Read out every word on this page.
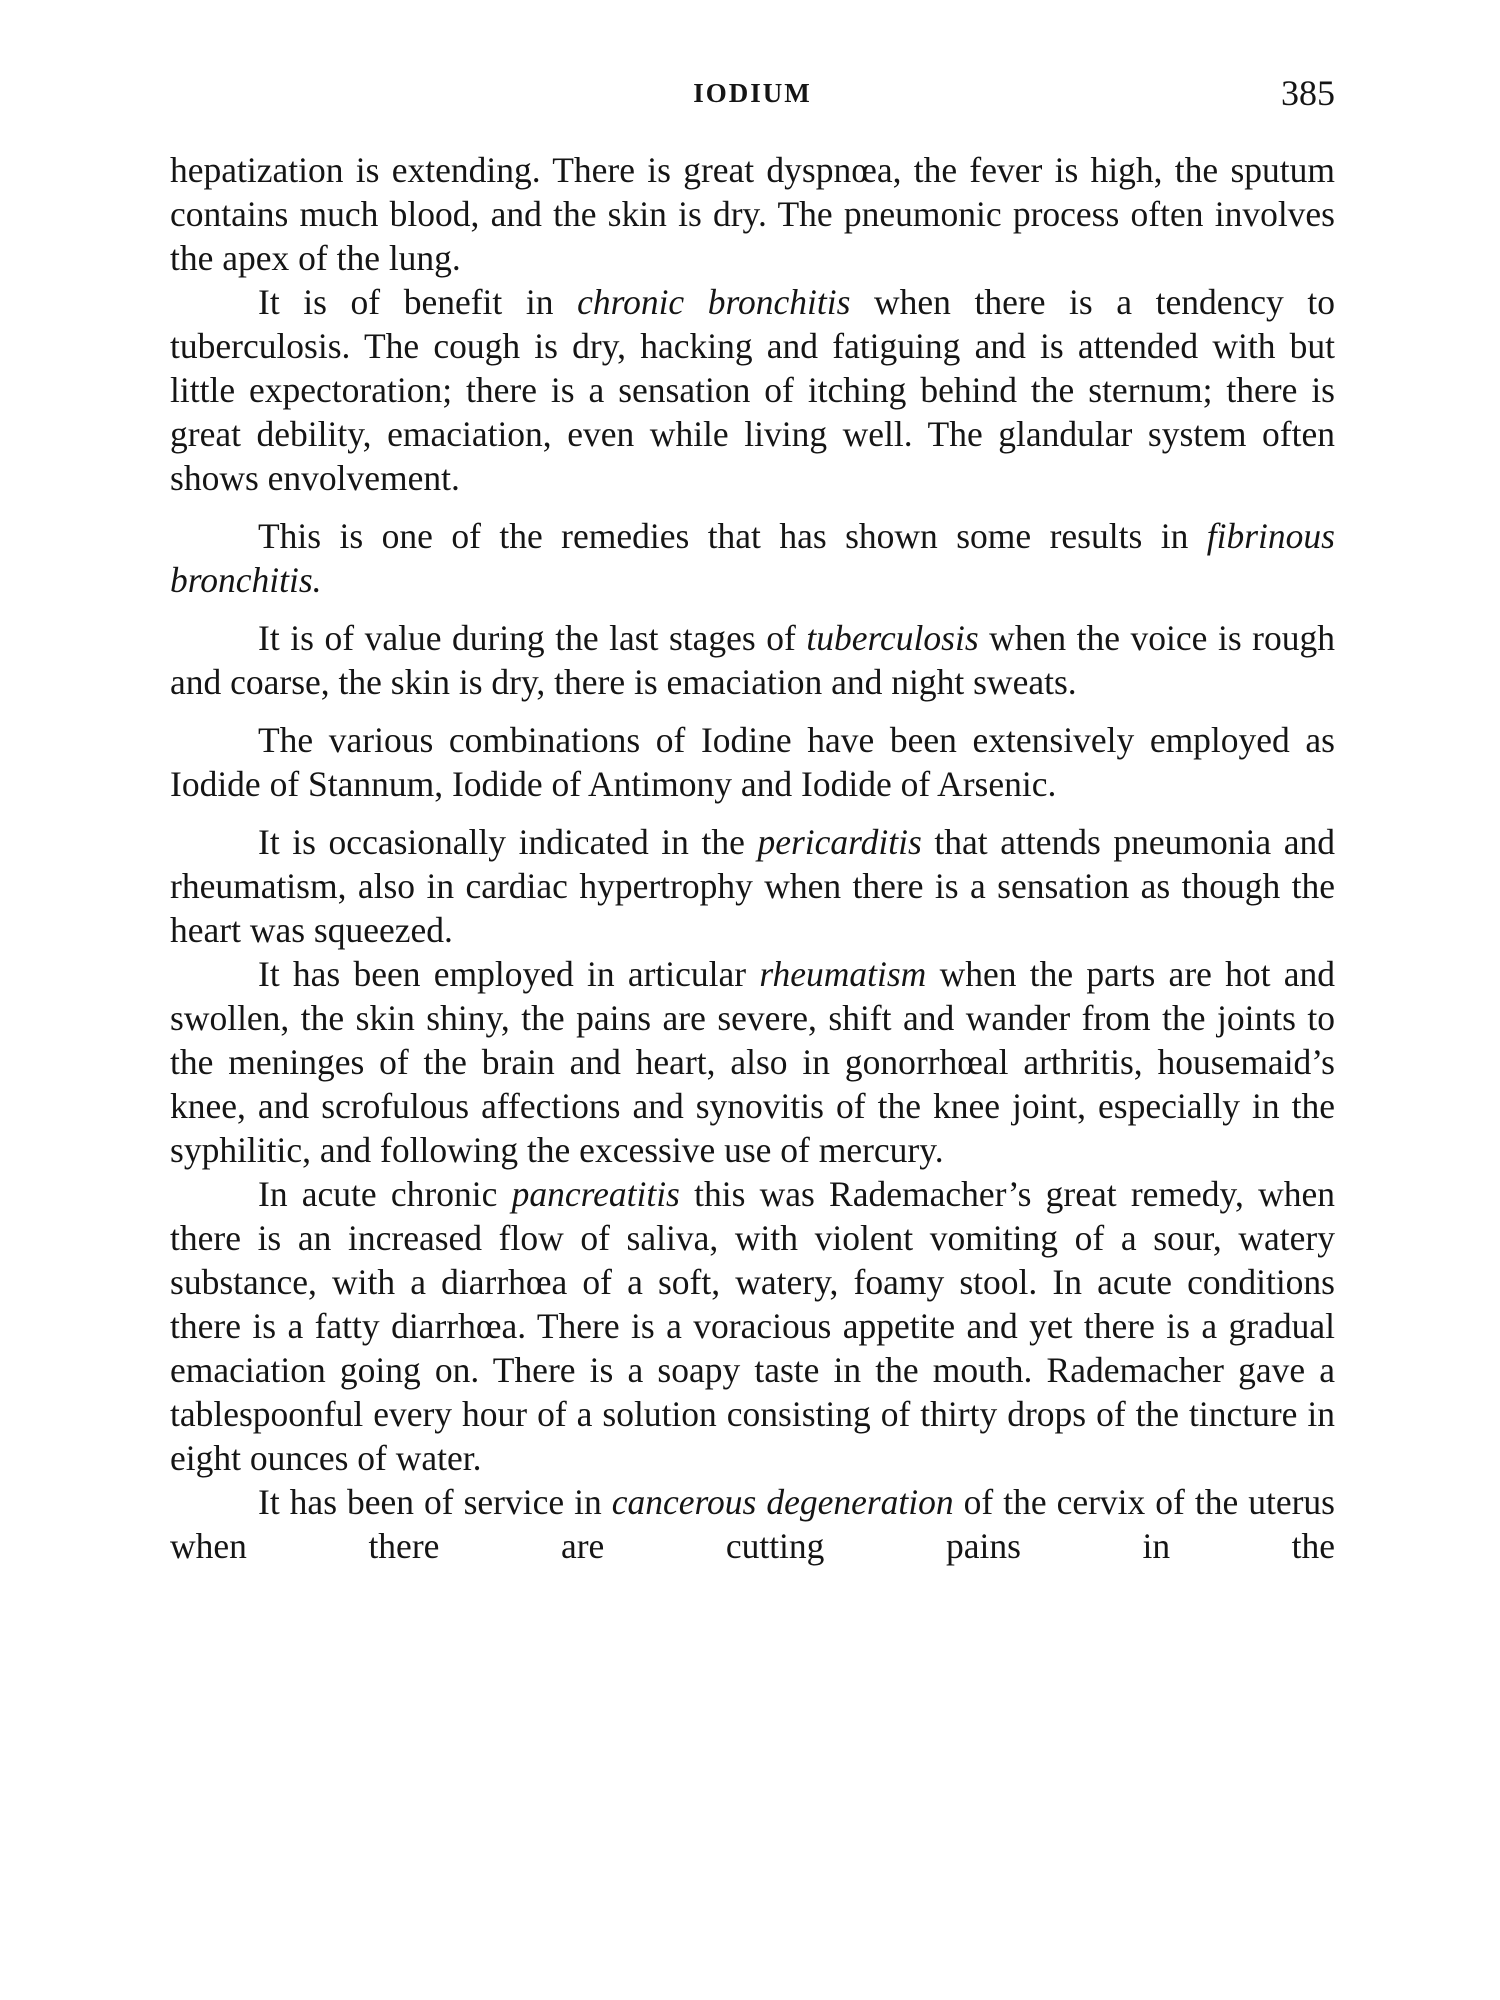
IODIUM	385

hepatization is extending. There is great dyspnœa, the fever is high, the sputum contains much blood, and the skin is dry. The pneumonic process often involves the apex of the lung.

It is of benefit in chronic bronchitis when there is a tendency to tuberculosis. The cough is dry, hacking and fatiguing and is attended with but little expectoration; there is a sensation of itching behind the sternum; there is great debility, emaciation, even while living well. The glandular system often shows envolvement.

This is one of the remedies that has shown some results in fibrinous bronchitis.

It is of value during the last stages of tuberculosis when the voice is rough and coarse, the skin is dry, there is emaciation and night sweats.

The various combinations of Iodine have been extensively employed as Iodide of Stannum, Iodide of Antimony and Iodide of Arsenic.

It is occasionally indicated in the pericarditis that attends pneumonia and rheumatism, also in cardiac hypertrophy when there is a sensation as though the heart was squeezed.

It has been employed in articular rheumatism when the parts are hot and swollen, the skin shiny, the pains are severe, shift and wander from the joints to the meninges of the brain and heart, also in gonorrhœal arthritis, housemaid’s knee, and scrofulous affections and synovitis of the knee joint, especially in the syphilitic, and following the excessive use of mercury.

In acute chronic pancreatitis this was Rademacher’s great remedy, when there is an increased flow of saliva, with violent vomiting of a sour, watery substance, with a diarrhœa of a soft, watery, foamy stool. In acute conditions there is a fatty diarrhœa. There is a voracious appetite and yet there is a gradual emaciation going on. There is a soapy taste in the mouth. Rademacher gave a tablespoonful every hour of a solution consisting of thirty drops of the tincture in eight ounces of water.

It has been of service in cancerous degeneration of the cervix of the uterus when there are cutting pains in the
